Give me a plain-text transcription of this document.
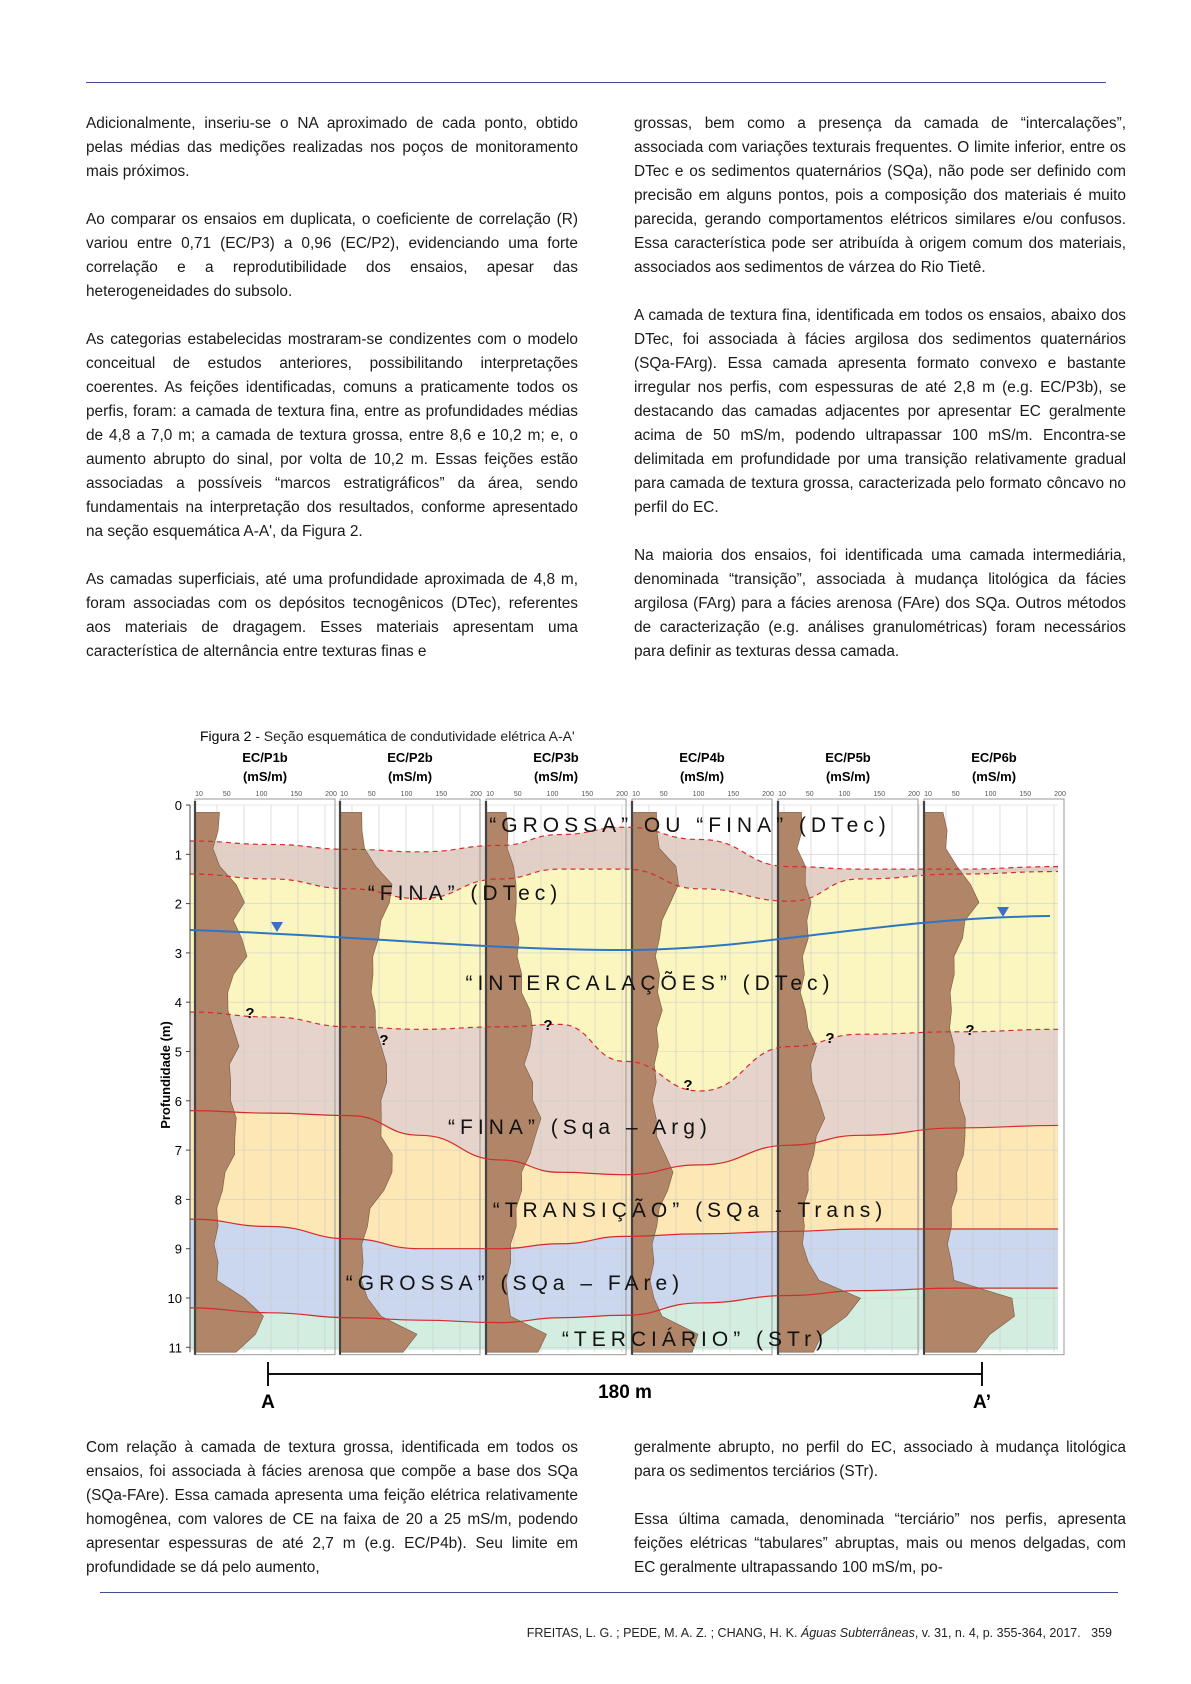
Adicionalmente, inseriu-se o NA aproximado de cada ponto, obtido pelas médias das medições realizadas nos poços de monitoramento mais próximos.

Ao comparar os ensaios em duplicata, o coeficiente de correlação (R) variou entre 0,71 (EC/P3) a 0,96 (EC/P2), evidenciando uma forte correlação e a reprodutibilidade dos ensaios, apesar das heterogeneidades do subsolo.

As categorias estabelecidas mostraram-se condizentes com o modelo conceitual de estudos anteriores, possibilitando interpretações coerentes. As feições identificadas, comuns a praticamente todos os perfis, foram: a camada de textura fina, entre as profundidades médias de 4,8 a 7,0 m; a camada de textura grossa, entre 8,6 e 10,2 m; e, o aumento abrupto do sinal, por volta de 10,2 m. Essas feições estão associadas a possíveis “marcos estratigráficos” da área, sendo fundamentais na interpretação dos resultados, conforme apresentado na seção esquemática A-A', da Figura 2.

As camadas superficiais, até uma profundidade aproximada de 4,8 m, foram associadas com os depósitos tecnogênicos (DTec), referentes aos materiais de dragagem. Esses materiais apresentam uma característica de alternância entre texturas finas e

grossas, bem como a presença da camada de “intercalações”, associada com variações texturais frequentes. O limite inferior, entre os DTec e os sedimentos quaternários (SQa), não pode ser definido com precisão em alguns pontos, pois a composição dos materiais é muito parecida, gerando comportamentos elétricos similares e/ou confusos. Essa característica pode ser atribuída à origem comum dos materiais, associados aos sedimentos de várzea do Rio Tietê.

A camada de textura fina, identificada em todos os ensaios, abaixo dos DTec, foi associada à fácies argilosa dos sedimentos quaternários (SQa-FArg). Essa camada apresenta formato convexo e bastante irregular nos perfis, com espessuras de até 2,8 m (e.g. EC/P3b), se destacando das camadas adjacentes por apresentar EC geralmente acima de 50 mS/m, podendo ultrapassar 100 mS/m. Encontra-se delimitada em profundidade por uma transição relativamente gradual para camada de textura grossa, caracterizada pelo formato côncavo no perfil do EC.

Na maioria dos ensaios, foi identificada uma camada intermediária, denominada “transição”, associada à mudança litológica da fácies argilosa (FArg) para a fácies arenosa (FAre) dos SQa. Outros métodos de caracterização (e.g. análises granulométricas) foram necessários para definir as texturas dessa camada.

Figura 2 - Seção esquemática de condutividade elétrica A-A'
“GROSSA” OU “FINA” (DTec)
“FINA” (DTec)
“INTERCALAÇÕES” (DTec)
“FINA” (Sqa – Arg)
“TRANSIÇÃO” (SQa - Trans)
“GROSSA” (SQa – FAre)
“TERCIÁRIO” (STr)
?
?
?
?
?	?
EC/P1b
(mS/m)
10	50	100	150	200
EC/P2b
(mS/m)
10	50	100	150	200
EC/P3b
(mS/m)
10	50	100	150	200
EC/P4b
(mS/m)
10	50	100	150	200
EC/P5b
(mS/m)
10	50	100	150	200
EC/P6b
(mS/m)
10	50	100	150	200
0
1
2
3
4
5
6
7
8
9
10
11
Profundidade (m)
180 m
A	A’

Com relação à camada de textura grossa, identificada em todos os ensaios, foi associada à fácies arenosa que compõe a base dos SQa (SQa-FAre). Essa camada apresenta uma feição elétrica relativamente homogênea, com valores de CE na faixa de 20 a 25 mS/m, podendo apresentar espessuras de até 2,7 m (e.g. EC/P4b). Seu limite em profundidade se dá pelo aumento,

geralmente abrupto, no perfil do EC, associado à mudança litológica para os sedimentos terciários (STr).

Essa última camada, denominada “terciário” nos perfis, apresenta feições elétricas “tabulares” abruptas, mais ou menos delgadas, com EC geralmente ultrapassando 100 mS/m, po-

FREITAS, L. G. ; PEDE, M. A. Z. ; CHANG, H. K. Águas Subterrâneas, v. 31, n. 4, p. 355-364, 2017. 359
